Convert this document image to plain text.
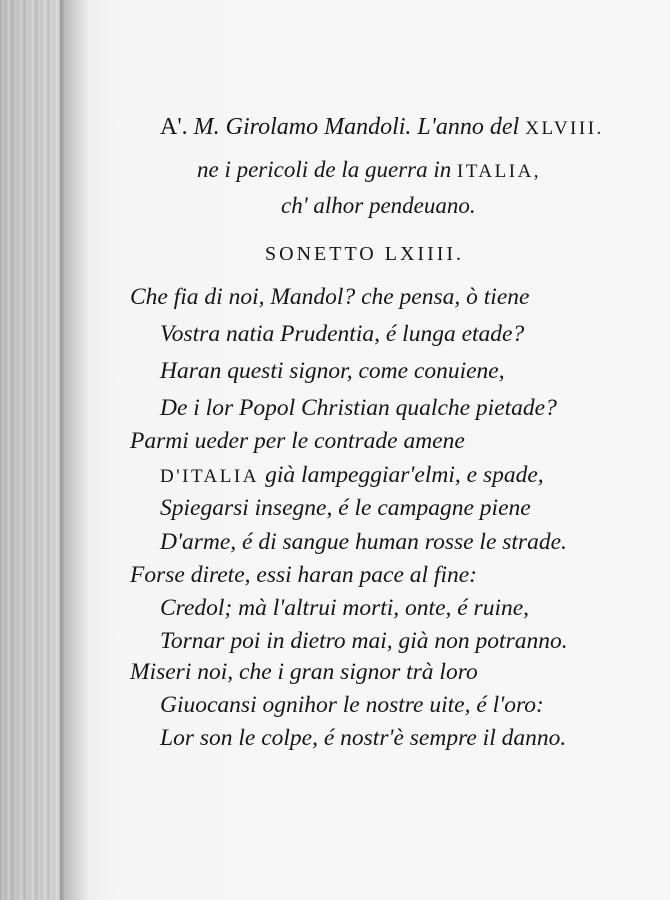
A'. M. Girolamo Mandoli. L'anno del XLVIII.
ne i pericoli de la guerra in ITALIA,
ch' alhor pendeuano.
SONETTO LXIIII.
Che fia di noi, Mandol? che pensa, ò tiene
Vostra natia Prudentia, é lunga etade?
Haran questi signor, come conuiene,
De i lor Popol Christian qualche pietade?
Parmi ueder per le contrade amene
D'ITALIA già lampeggiar'elmi, e spade,
Spiegarsi insegne, é le campagne piene
D'arme, é di sangue human rosse le strade.
Forse direte, essi haran pace al fine:
Credol; mà l'altrui morti, onte, é ruine,
Tornar poi in dietro mai, già non potranno.
Miseri noi, che i gran signor trà loro
Giuocansi ognihor le nostre uite, é l'oro:
Lor son le colpe, é nostr'è sempre il danno.
